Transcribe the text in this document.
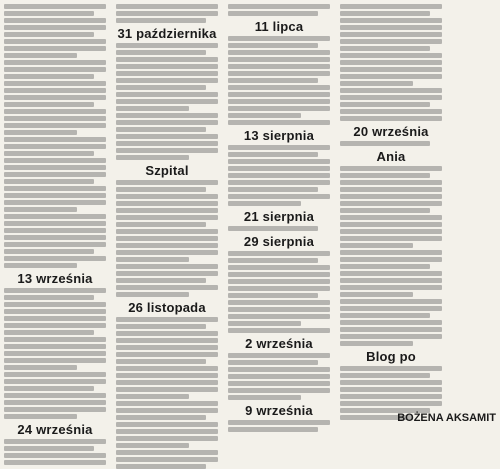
13 września
24 września
31 października
Szpital
26 listopada
11 lipca
13 sierpnia
21 sierpnia
29 sierpnia
2 września
9 września
20 września
Ania
Blog po
BOŻENA AKSAMIT
